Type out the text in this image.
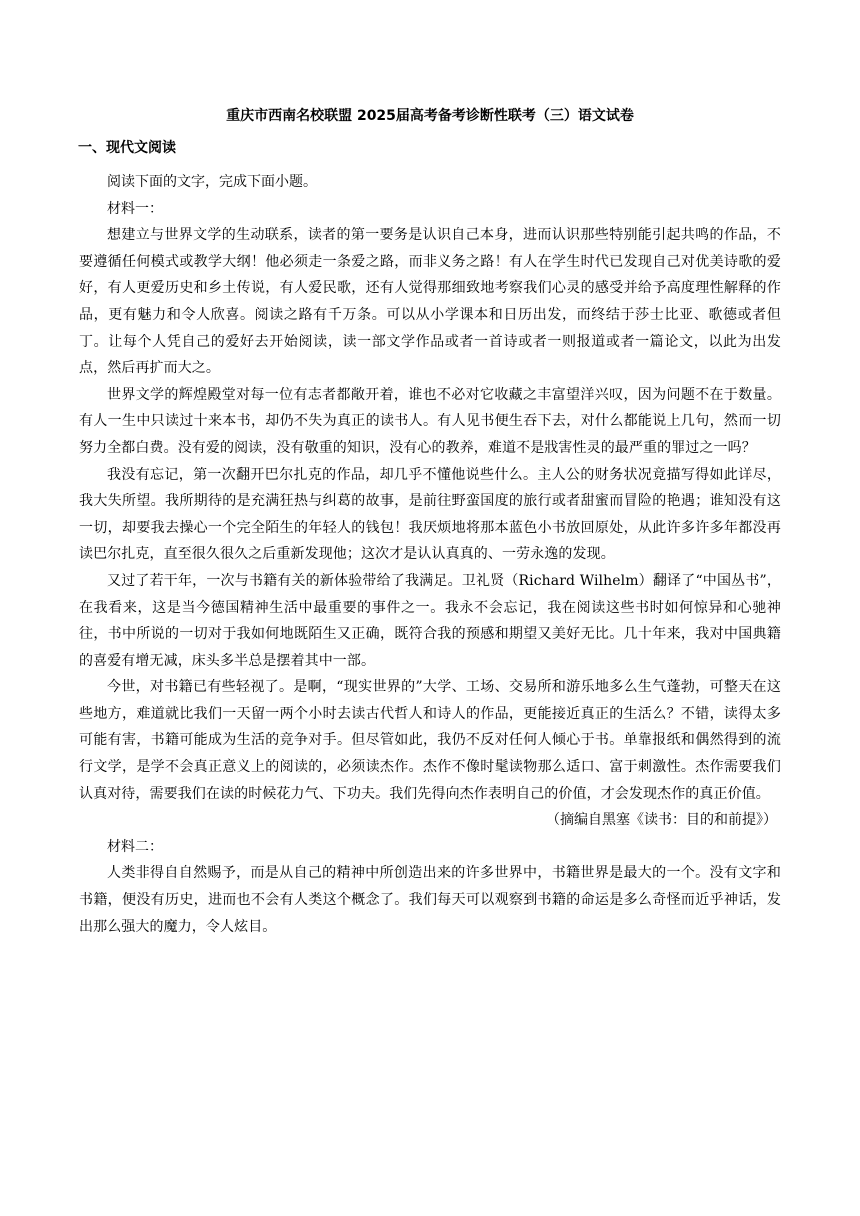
重庆市西南名校联盟 2025届高考备考诊断性联考（三）语文试卷
一、现代文阅读

阅读下面的文字，完成下面小题。

材料一：

想建立与世界文学的生动联系，读者的第一要务是认识自己本身，进而认识那些特别能引起共鸣的作品，不要遵循任何模式或教学大纲！他必须走一条爱之路，而非义务之路！有人在学生时代已发现自己对优美诗歌的爱好，有人更爱历史和乡土传说，有人爱民歌，还有人觉得那细致地考察我们心灵的感受并给予高度理性解释的作品，更有魅力和令人欣喜。阅读之路有千万条。可以从小学课本和日历出发，而终结于莎士比亚、歌德或者但丁。让每个人凭自己的爱好去开始阅读，读一部文学作品或者一首诗或者一则报道或者一篇论文，以此为出发点，然后再扩而大之。

世界文学的辉煌殿堂对每一位有志者都敞开着，谁也不必对它收藏之丰富望洋兴叹，因为问题不在于数量。有人一生中只读过十来本书，却仍不失为真正的读书人。有人见书便生吞下去，对什么都能说上几句，然而一切努力全都白费。没有爱的阅读，没有敬重的知识，没有心的教养，难道不是戕害性灵的最严重的罪过之一吗？

我没有忘记，第一次翻开巴尔扎克的作品，却几乎不懂他说些什么。主人公的财务状况竟描写得如此详尽，我大失所望。我所期待的是充满狂热与纠葛的故事，是前往野蛮国度的旅行或者甜蜜而冒险的艳遇；谁知没有这一切，却要我去操心一个完全陌生的年轻人的钱包！我厌烦地将那本蓝色小书放回原处，从此许多许多年都没再读巴尔扎克，直至很久很久之后重新发现他；这次才是认认真真的、一劳永逸的发现。

又过了若干年，一次与书籍有关的新体验带给了我满足。卫礼贤（Richard Wilhelm）翻译了“中国丛书”，在我看来，这是当今德国精神生活中最重要的事件之一。我永不会忘记，我在阅读这些书时如何惊异和心驰神往，书中所说的一切对于我如何地既陌生又正确，既符合我的预感和期望又美好无比。几十年来，我对中国典籍的喜爱有增无减，床头多半总是摆着其中一部。

今世，对书籍已有些轻视了。是啊，“现实世界的”大学、工场、交易所和游乐地多么生气蓬勃，可整天在这些地方，难道就比我们一天留一两个小时去读古代哲人和诗人的作品，更能接近真正的生活么？不错，读得太多可能有害，书籍可能成为生活的竞争对手。但尽管如此，我仍不反对任何人倾心于书。单靠报纸和偶然得到的流行文学，是学不会真正意义上的阅读的，必须读杰作。杰作不像时髦读物那么适口、富于刺激性。杰作需要我们认真对待，需要我们在读的时候花力气、下功夫。我们先得向杰作表明自己的价值，才会发现杰作的真正价值。

（摘编自黑塞《读书：目的和前提》）

材料二：

人类非得自自然赐予，而是从自己的精神中所创造出来的许多世界中，书籍世界是最大的一个。没有文字和书籍，便没有历史，进而也不会有人类这个概念了。我们每天可以观察到书籍的命运是多么奇怪而近乎神话，发出那么强大的魔力，令人炫目。
